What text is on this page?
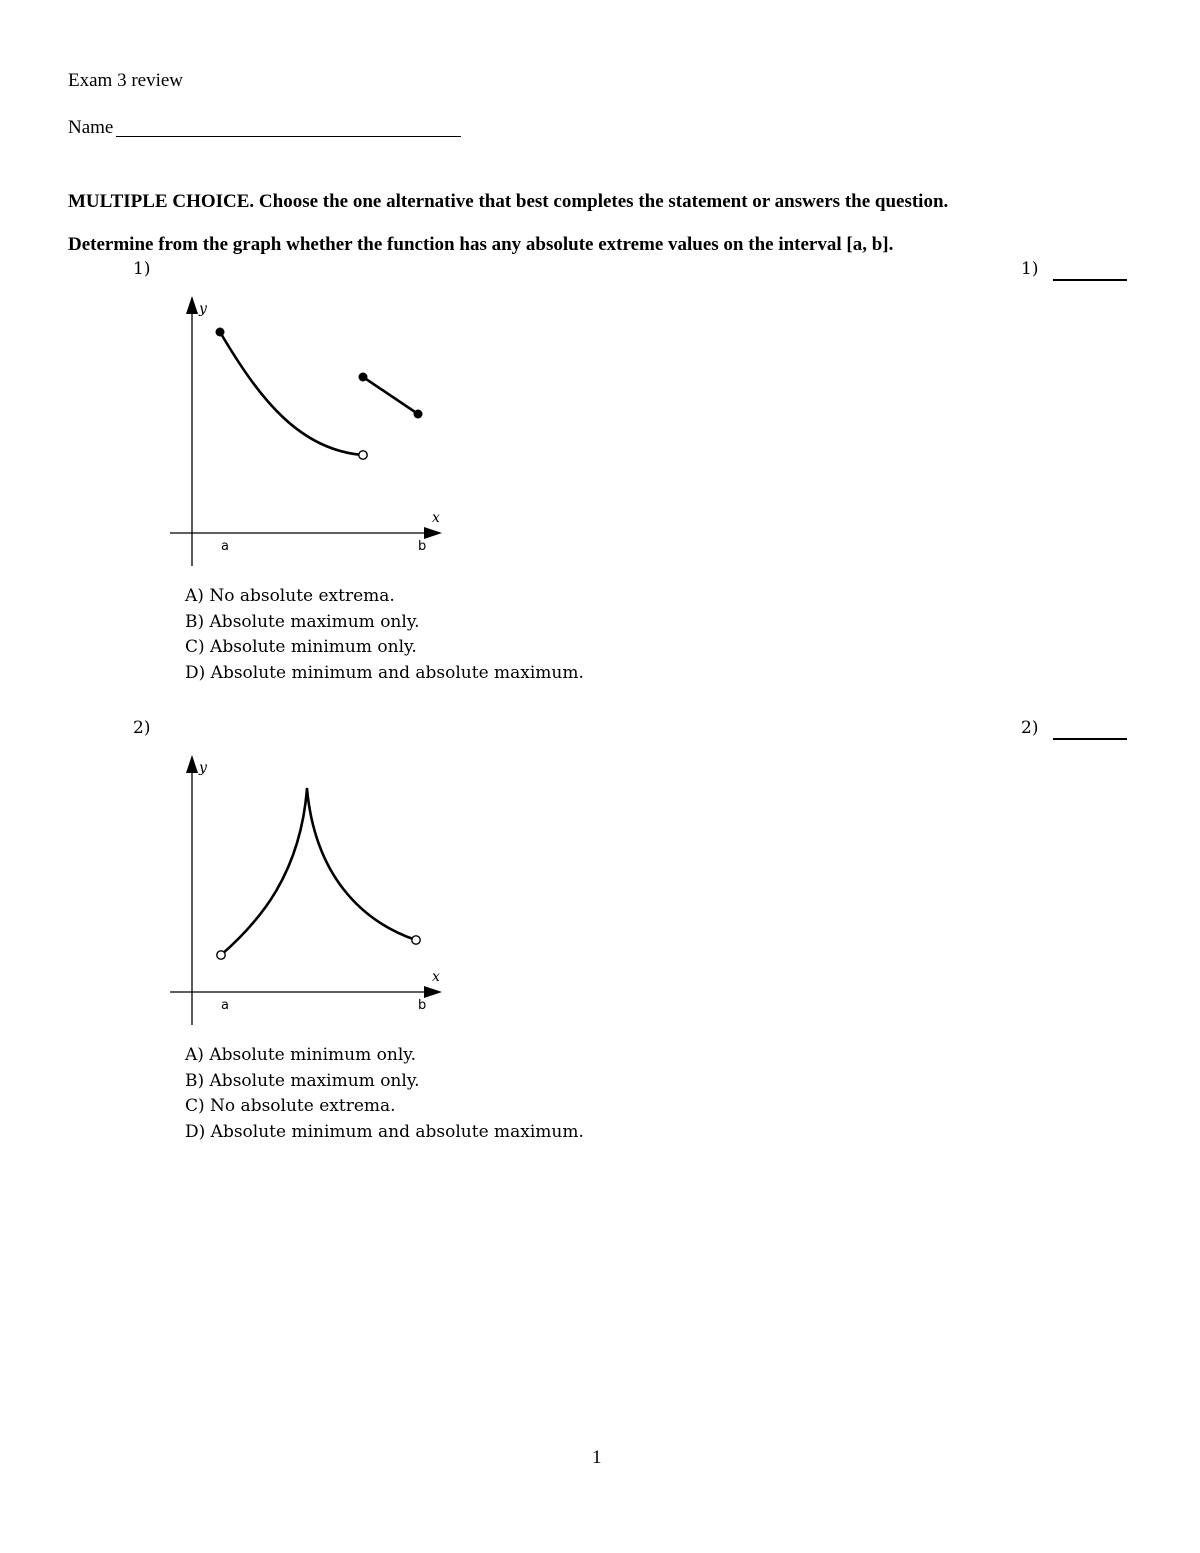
Exam 3 review
Name
MULTIPLE CHOICE. Choose the one alternative that best completes the statement or answers the question.
Determine from the graph whether the function has any absolute extreme values on the interval [a, b].
1)	1)
y
x
a	b
A) No absolute extrema.
B) Absolute maximum only.
C) Absolute minimum only.
D) Absolute minimum and absolute maximum.
2)	2)
y
x
a	b
A) Absolute minimum only.
B) Absolute maximum only.
C) No absolute extrema.
D) Absolute minimum and absolute maximum.
1
